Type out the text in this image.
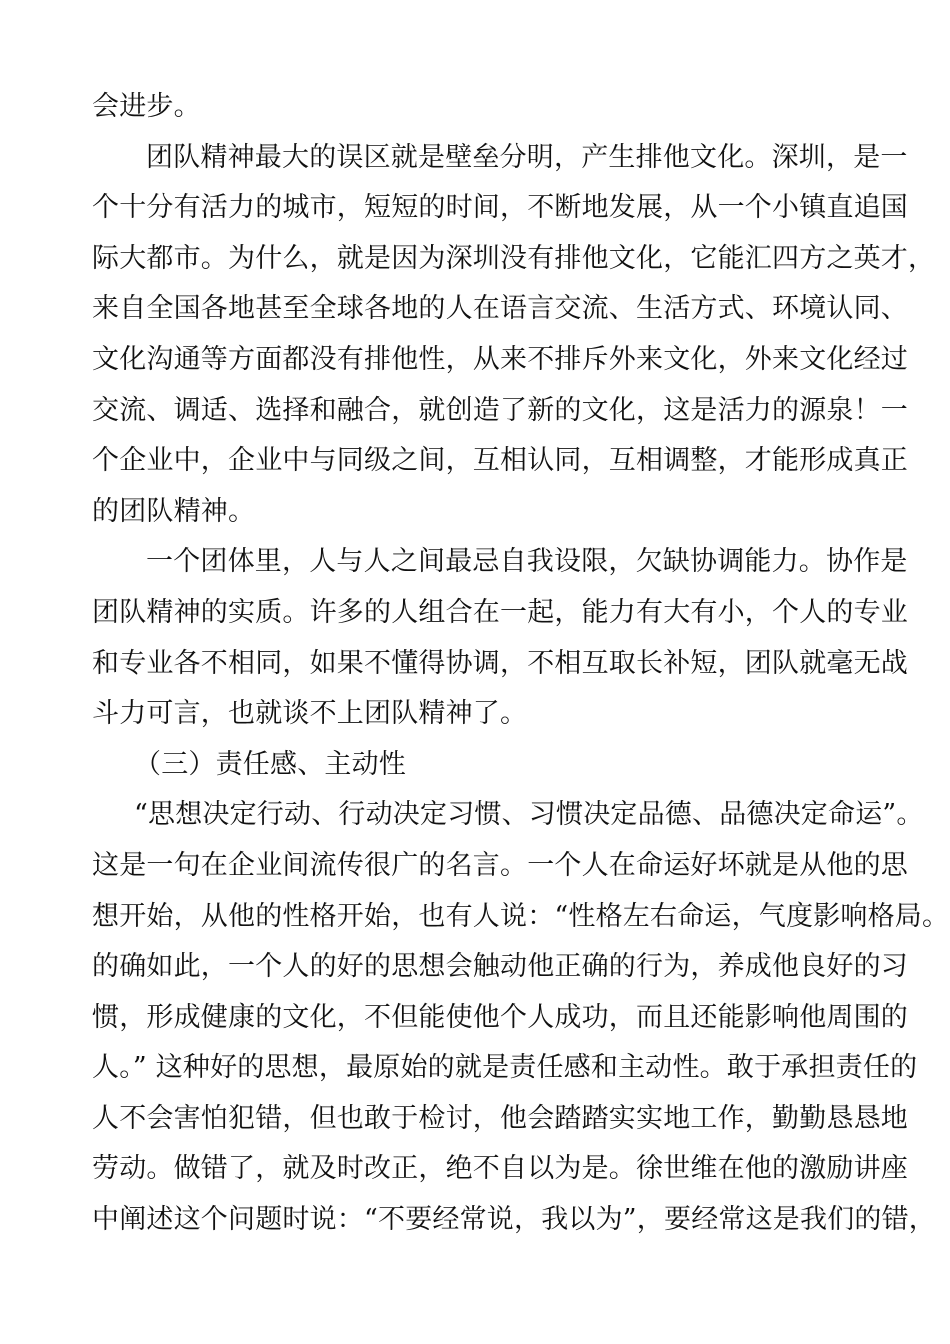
会进步。
团队精神最大的误区就是壁垒分明，产生排他文化。深圳，是一
个十分有活力的城市，短短的时间，不断地发展，从一个小镇直追国
际大都市。为什么，就是因为深圳没有排他文化，它能汇四方之英才，
来自全国各地甚至全球各地的人在语言交流、生活方式、环境认同、
文化沟通等方面都没有排他性，从来不排斥外来文化，外来文化经过
交流、调适、选择和融合，就创造了新的文化，这是活力的源泉！一
个企业中，企业中与同级之间，互相认同，互相调整，才能形成真正
的团队精神。
一个团体里，人与人之间最忌自我设限，欠缺协调能力。协作是
团队精神的实质。许多的人组合在一起，能力有大有小，个人的专业
和专业各不相同，如果不懂得协调，不相互取长补短，团队就毫无战
斗力可言，也就谈不上团队精神了。
（三）责任感、主动性
“思想决定行动、行动决定习惯、习惯决定品德、品德决定命运”。
这是一句在企业间流传很广的名言。一个人在命运好坏就是从他的思
想开始，从他的性格开始，也有人说：“性格左右命运，气度影响格局。
的确如此，一个人的好的思想会触动他正确的行为，养成他良好的习
惯，形成健康的文化，不但能使他个人成功，而且还能影响他周围的
人。” 这种好的思想，最原始的就是责任感和主动性。敢于承担责任的
人不会害怕犯错，但也敢于检讨，他会踏踏实实地工作，勤勤恳恳地
劳动。做错了，就及时改正，绝不自以为是。徐世维在他的激励讲座
中阐述这个问题时说：“不要经常说，我以为”，要经常这是我们的错，
